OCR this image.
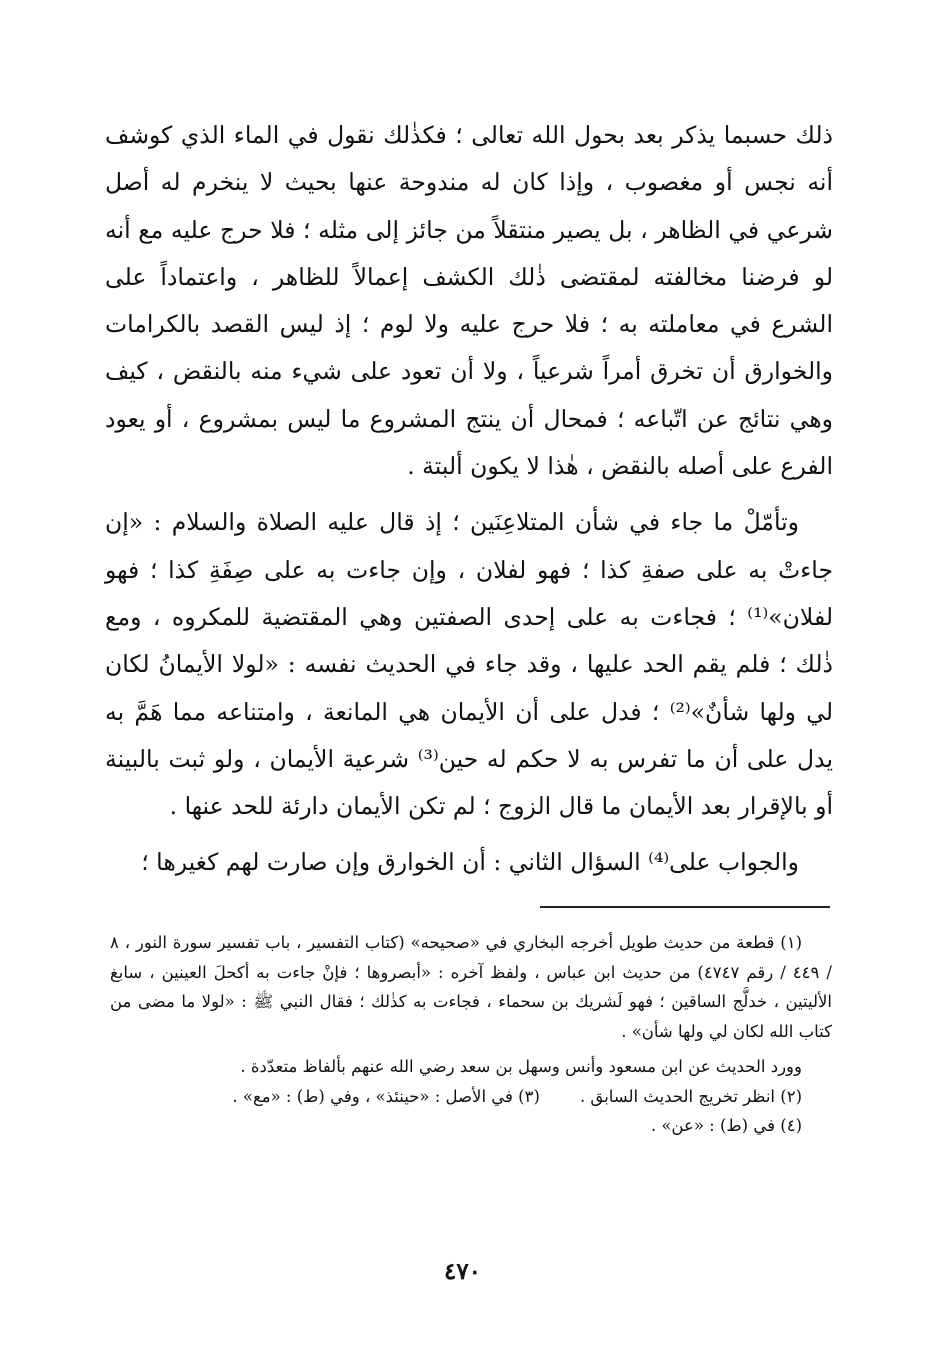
ذلك حسبما يذكر بعد بحول الله تعالى ؛ فكذٰلك نقول في الماء الذي كوشف أنه نجس أو مغصوب ، وإذا كان له مندوحة عنها بحيث لا ينخرم له أصل شرعي في الظاهر ، بل يصير منتقلاً من جائز إلى مثله ؛ فلا حرج عليه مع أنه لو فرضنا مخالفته لمقتضى ذٰلك الكشف إعمالاً للظاهر ، واعتماداً على الشرع في معاملته به ؛ فلا حرج عليه ولا لوم ؛ إذ ليس القصد بالكرامات والخوارق أن تخرق أمراً شرعياً ، ولا أن تعود على شيء منه بالنقض ، كيف وهي نتائج عن اتّباعه ؛ فمحال أن ينتج المشروع ما ليس بمشروع ، أو يعود الفرع على أصله بالنقض ، هٰذا لا يكون ألبتة .

وتأمّلْ ما جاء في شأن المتلاعِنَين ؛ إذ قال عليه الصلاة والسلام : «إن جاءتْ به على صفةِ كذا ؛ فهو لفلان ، وإن جاءت به على صِفَةِ كذا ؛ فهو لفلان»⁽¹⁾ ؛ فجاءت به على إحدى الصفتين وهي المقتضية للمكروه ، ومع ذٰلك ؛ فلم يقم الحد عليها ، وقد جاء في الحديث نفسه : «لولا الأيمانُ لكان لي ولها شأنٌ»⁽²⁾ ؛ فدل على أن الأيمان هي المانعة ، وامتناعه مما هَمَّ به يدل على أن ما تفرس به لا حكم له حين⁽³⁾ شرعية الأيمان ، ولو ثبت بالبينة أو بالإقرار بعد الأيمان ما قال الزوج ؛ لم تكن الأيمان دارئة للحد عنها .

والجواب على⁽⁴⁾ السؤال الثاني : أن الخوارق وإن صارت لهم كغيرها ؛

(١) قطعة من حديث طويل أخرجه البخاري في «صحيحه» (كتاب التفسير ، باب تفسير سورة النور ، ٨ / ٤٤٩ / رقم ٤٧٤٧) من حديث ابن عباس ، ولفظ آخره : «أبصروها ؛ فإنْ جاءت به أكحلَ العينين ، سابغ الأليتين ، خدلَّج الساقين ؛ فهو لَشريك بن سحماء ، فجاءت به كذٰلك ؛ فقال النبي ﷺ : «لولا ما مضى من كتاب الله لكان لي ولها شأن» .

وورد الحديث عن ابن مسعود وأنس وسهل بن سعد رضي الله عنهم بألفاظ متعدّدة .

(٢) انظر تخريج الحديث السابق .
(٣) في الأصل : «حينئذ» ، وفي (ط) : «مع» .

(٤) في (ط) : «عن» .

٤٧٠
